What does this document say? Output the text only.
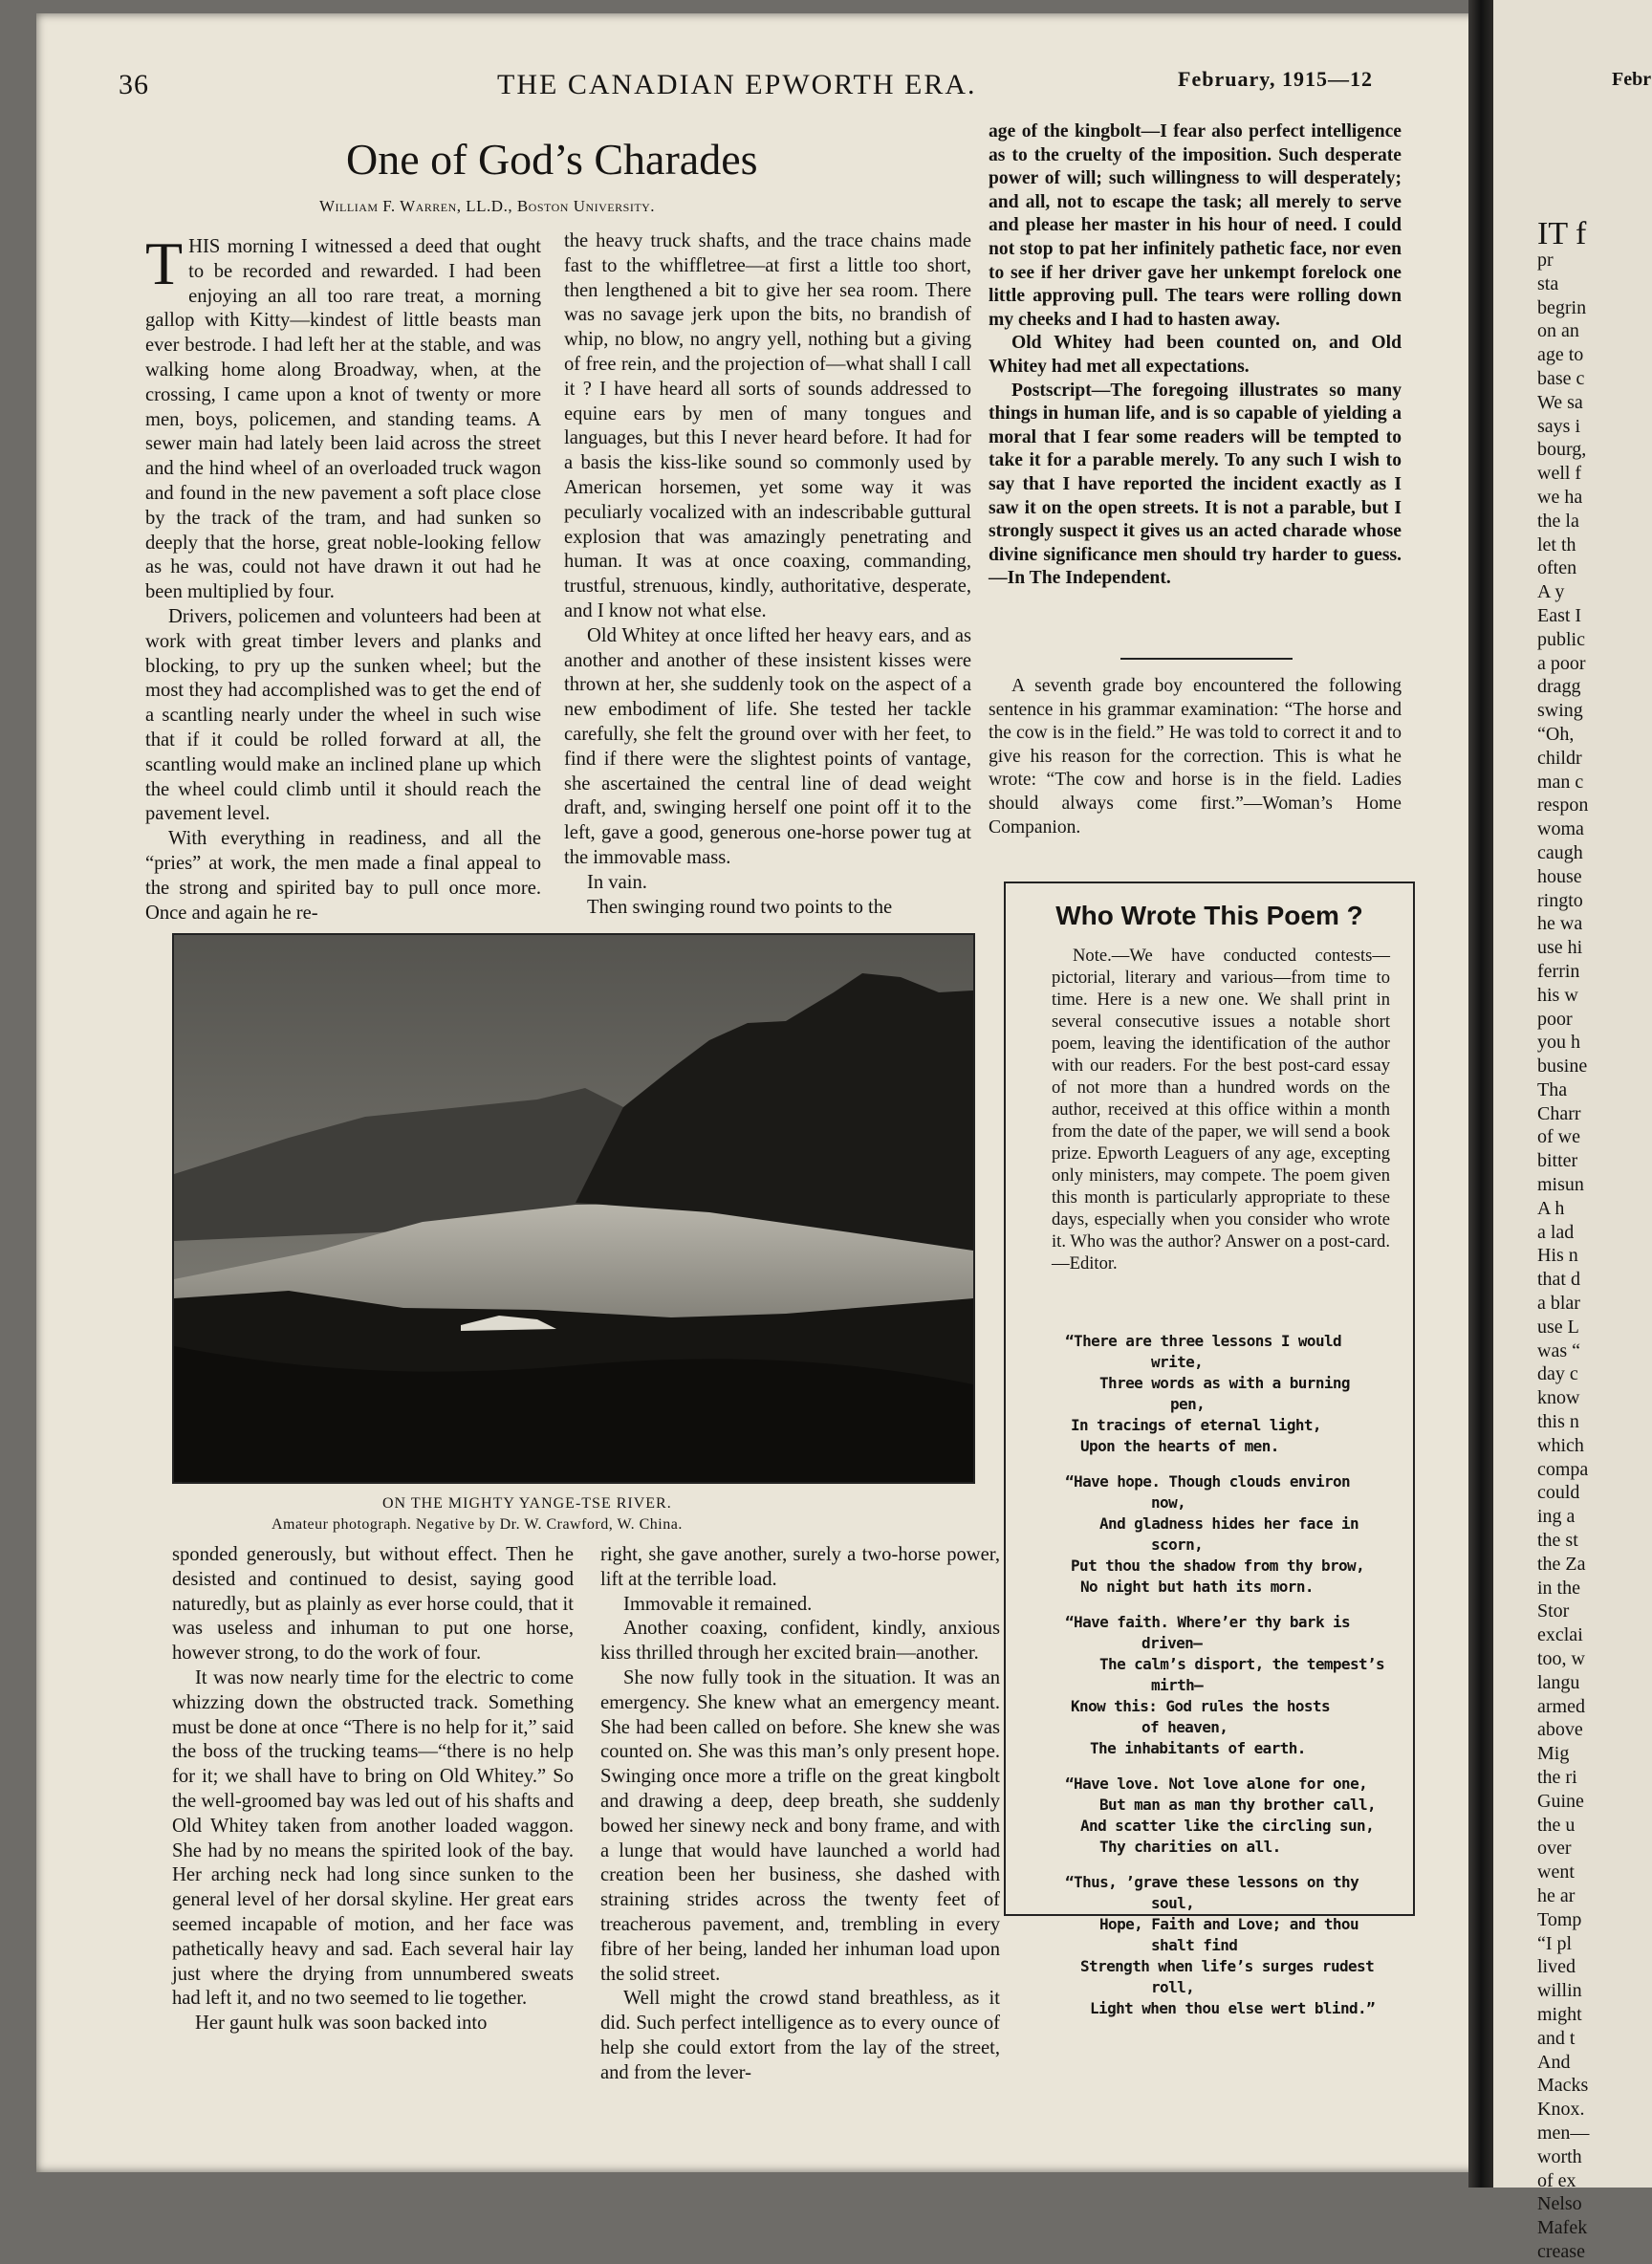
36	THE CANADIAN EPWORTH ERA.	February, 1915—12
One of God’s Charades
William F. Warren, LL.D., Boston University.

THIS morning I witnessed a deed that ought to be recorded and rewarded. I had been enjoying an all too rare treat, a morning gallop with Kitty—kindest of little beasts man ever bestrode. I had left her at the stable, and was walking home along Broadway, when, at the crossing, I came upon a knot of twenty or more men, boys, policemen, and standing teams. A sewer main had lately been laid across the street and the hind wheel of an overloaded truck wagon and found in the new pavement a soft place close by the track of the tram, and had sunken so deeply that the horse, great noble-looking fellow as he was, could not have drawn it out had he been multiplied by four.

Drivers, policemen and volunteers had been at work with great timber levers and planks and blocking, to pry up the sunken wheel; but the most they had accomplished was to get the end of a scantling nearly under the wheel in such wise that if it could be rolled forward at all, the scantling would make an inclined plane up which the wheel could climb until it should reach the pavement level.

With everything in readiness, and all the “pries” at work, the men made a final appeal to the strong and spirited bay to pull once more. Once and again he re-

the heavy truck shafts, and the trace chains made fast to the whiffletree—at first a little too short, then lengthened a bit to give her sea room. There was no savage jerk upon the bits, no brandish of whip, no blow, no angry yell, nothing but a giving of free rein, and the projection of—what shall I call it ? I have heard all sorts of sounds addressed to equine ears by men of many tongues and languages, but this I never heard before. It had for a basis the kiss-like sound so commonly used by American horsemen, yet some way it was peculiarly vocalized with an indescribable guttural explosion that was amazingly penetrating and human. It was at once coaxing, commanding, trustful, strenuous, kindly, authoritative, desperate, and I know not what else.

Old Whitey at once lifted her heavy ears, and as another and another of these insistent kisses were thrown at her, she suddenly took on the aspect of a new embodiment of life. She tested her tackle carefully, she felt the ground over with her feet, to find if there were the slightest points of vantage, she ascertained the central line of dead weight draft, and, swinging herself one point off it to the left, gave a good, generous one-horse power tug at the immovable mass.

In vain.

Then swinging round two points to the

age of the kingbolt—I fear also perfect intelligence as to the cruelty of the imposition. Such desperate power of will; such willingness to will desperately; and all, not to escape the task; all merely to serve and please her master in his hour of need. I could not stop to pat her infinitely pathetic face, nor even to see if her driver gave her unkempt forelock one little approving pull. The tears were rolling down my cheeks and I had to hasten away.

Old Whitey had been counted on, and Old Whitey had met all expectations.

Postscript—The foregoing illustrates so many things in human life, and is so capable of yielding a moral that I fear some readers will be tempted to take it for a parable merely. To any such I wish to say that I have reported the incident exactly as I saw it on the open streets. It is not a parable, but I strongly suspect it gives us an acted charade whose divine significance men should try harder to guess.—In The Independent.

A seventh grade boy encountered the following sentence in his grammar examination: “The horse and the cow is in the field.” He was told to correct it and to give his reason for the correction. This is what he wrote: “The cow and horse is in the field. Ladies should always come first.”—Woman’s Home Companion.

ON THE MIGHTY YANGE-TSE RIVER.
Amateur photograph. Negative by Dr. W. Crawford, W. China.

sponded generously, but without effect. Then he desisted and continued to desist, saying good naturedly, but as plainly as ever horse could, that it was useless and inhuman to put one horse, however strong, to do the work of four.

It was now nearly time for the electric to come whizzing down the obstructed track. Something must be done at once “There is no help for it,” said the boss of the trucking teams—“there is no help for it; we shall have to bring on Old Whitey.” So the well-groomed bay was led out of his shafts and Old Whitey taken from another loaded waggon. She had by no means the spirited look of the bay. Her arching neck had long since sunken to the general level of her dorsal skyline. Her great ears seemed incapable of motion, and her face was pathetically heavy and sad. Each several hair lay just where the drying from unnumbered sweats had left it, and no two seemed to lie together.

Her gaunt hulk was soon backed into

right, she gave another, surely a two-horse power, lift at the terrible load.

Immovable it remained.

Another coaxing, confident, kindly, anxious kiss thrilled through her excited brain—another.

She now fully took in the situation. It was an emergency. She knew what an emergency meant. She had been called on before. She knew she was counted on. She was this man’s only present hope. Swinging once more a trifle on the great kingbolt and drawing a deep, deep breath, she suddenly bowed her sinewy neck and bony frame, and with a lunge that would have launched a world had creation been her business, she dashed with straining strides across the twenty feet of treacherous pavement, and, trembling in every fibre of her being, landed her inhuman load upon the solid street.

Well might the crowd stand breathless, as it did. Such perfect intelligence as to every ounce of help she could extort from the lay of the street, and from the lever-

Who Wrote This Poem ?

Note.—We have conducted contests—pictorial, literary and various—from time to time. Here is a new one. We shall print in several consecutive issues a notable short poem, leaving the identification of the author with our readers. For the best post-card essay of not more than a hundred words on the author, received at this office within a month from the date of the paper, we will send a book prize. Epworth Leaguers of any age, excepting only ministers, may compete. The poem given this month is particularly appropriate to these days, especially when you consider who wrote it. Who was the author? Answer on a post-card.—Editor.

“There are three lessons I would
write,
Three words as with a burning
pen,
In tracings of eternal light,
Upon the hearts of men.
“Have hope. Though clouds environ
now,
And gladness hides her face in
scorn,
Put thou the shadow from thy brow,
No night but hath its morn.
“Have faith. Where’er thy bark is
driven—
The calm’s disport, the tempest’s
mirth—
Know this: God rules the hosts
of heaven,
The inhabitants of earth.
“Have love. Not love alone for one,
But man as man thy brother call,
And scatter like the circling sun,
Thy charities on all.
“Thus, ’grave these lessons on thy
soul,
Hope, Faith and Love; and thou
shalt find
Strength when life’s surges rudest
roll,
Light when thou else wert blind.”
Febr
IT f
pr
sta
begrin
on an
age to
base c
We sa
says i
bourg,
well f
we ha
the la
let th
often
A y
East I
public
a poor
dragg
swing
“Oh,
childr
man c
respon
woma
caugh
house
ringto
he wa
use hi
ferrin
his w
poor
you h
busine
Tha
Charr
of we
bitter
misun
A h
a lad
His n
that d
a blar
use L
was “
day c
know
this n
which
compa
could
ing a
the st
the Za
in the
Stor
exclai
too, w
langu
armed
above
Mig
the ri
Guine
the u
over
went
he ar
Tomp
“I pl
lived
willin
might
and t
And
Macks
Knox.
men—
worth
of ex
Nelso
Mafek
crease
